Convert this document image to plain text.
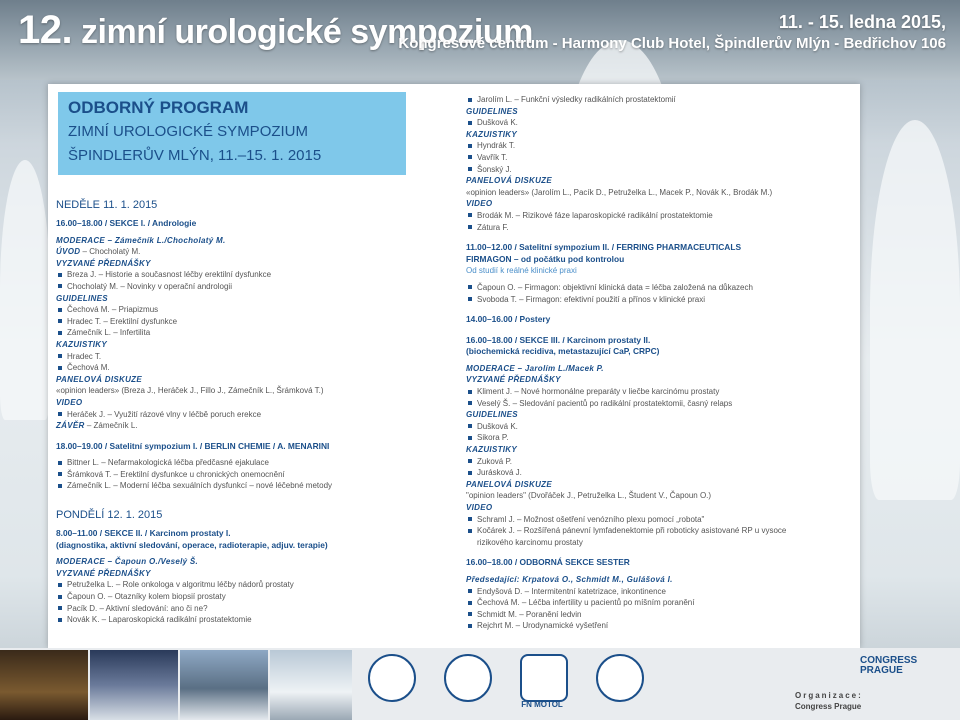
12. zimní urologické sympozium	11. - 15. ledna 2015,
Kongresové centrum - Harmony Club Hotel, Špindlerův Mlýn - Bedřichov 106
ODBORNÝ PROGRAM
ZIMNÍ UROLOGICKÉ SYMPOZIUM
ŠPINDLERŮV MLÝN, 11.–15. 1. 2015
NEDĚLE 11. 1. 2015
16.00–18.00 / SEKCE I. / Andrologie
MODERACE – Zámečník L./Chocholatý M.
ÚVOD – Chocholatý M.
VYZVANÉ PŘEDNÁŠKY
Breza J. – Historie a současnost léčby erektilní dysfunkce
Chocholatý M. – Novinky v operační andrologii
GUIDELINES
Čechová M. – Priapizmus
Hradec T. – Erektilní dysfunkce
Zámečník L. – Infertilita
KAZUISTIKY
Hradec T.
Čechová M.
PANELOVÁ DISKUZE
«opinion leaders» (Breza J., Heráček J., Fillo J., Zámečník L., Šrámková T.)
VIDEO
Heráček J. – Využití rázové vlny v léčbě poruch erekce
ZÁVĚR – Zámečník L.
18.00–19.00 / Satelitní sympozium I. / BERLIN CHEMIE / A. MENARINI
Bittner L. – Nefarmakologická léčba předčasné ejakulace
Šrámková T. – Erektilní dysfunkce u chronických onemocnění
Zámečník L. – Moderní léčba sexuálních dysfunkcí – nové léčebné metody
PONDĚLÍ 12. 1. 2015
8.00–11.00 / SEKCE II. / Karcinom prostaty I.
(diagnostika, aktivní sledování, operace, radioterapie, adjuv. terapie)
MODERACE – Čapoun O./Veselý Š.
VYZVANÉ PŘEDNÁŠKY
Petruželka L. – Role onkologa v algoritmu léčby nádorů prostaty
Čapoun O. – Otazníky kolem biopsií prostaty
Pacík D. – Aktivní sledování: ano či ne?
Novák K. – Laparoskopická radikální prostatektomie
Jarolím L. – Funkční výsledky radikálních prostatektomií
GUIDELINES
Dušková K.
KAZUISTIKY
Hyndrák T.
Vavřík T.
Šonský J.
PANELOVÁ DISKUZE
«opinion leaders» (Jarolím L., Pacík D., Petruželka L., Macek P., Novák K., Brodák M.)
VIDEO
Brodák M. – Rizikové fáze laparoskopické radikální prostatektomie
Zátura F.
11.00–12.00 / Satelitní sympozium II. / FERRING PHARMACEUTICALS
FIRMAGON – od počátku pod kontrolou
Od studií k reálné klinické praxi
Čapoun O. – Firmagon: objektivní klinická data = léčba založená na důkazech
Svoboda T. – Firmagon: efektivní použití a přínos v klinické praxi
14.00–16.00 / Postery
16.00–18.00 / SEKCE III. / Karcinom prostaty II.
(biochemická recidiva, metastazující CaP, CRPC)
MODERACE – Jarolím L./Macek P.
VYZVANÉ PŘEDNÁŠKY
Kliment J. – Nové hormonálne preparáty v liečbe karcinómu prostaty
Veselý Š. – Sledování pacientů po radikální prostatektomii, časný relaps
GUIDELINES
Dušková K.
Sikora P.
KAZUISTIKY
Zuková P.
Jurásková J.
PANELOVÁ DISKUZE
"opinion leaders" (Dvořáček J., Petruželka L., Študent V., Čapoun O.)
VIDEO
Schraml J. – Možnost ošetření venózního plexu pomocí „robota"
Kočárek J. – Rozšířená pánevní lymfadenektomie při roboticky asistované RP u vysoce rizikového karcinomu prostaty
16.00–18.00 / ODBORNÁ SEKCE SESTER
Předsedající: Krpatová O., Schmidt M., Gulášová I.
Endyšová D. – Intermitentní katetrizace, inkontinence
Čechová M. – Léčba infertility u pacientů po míšním poranění
Schmidt M. – Poranění ledvin
Rejchrt M. – Urodynamické vyšetření
FN MOTOL
Organizace:
Congress Prague
CONGRESS
PRAGUE
